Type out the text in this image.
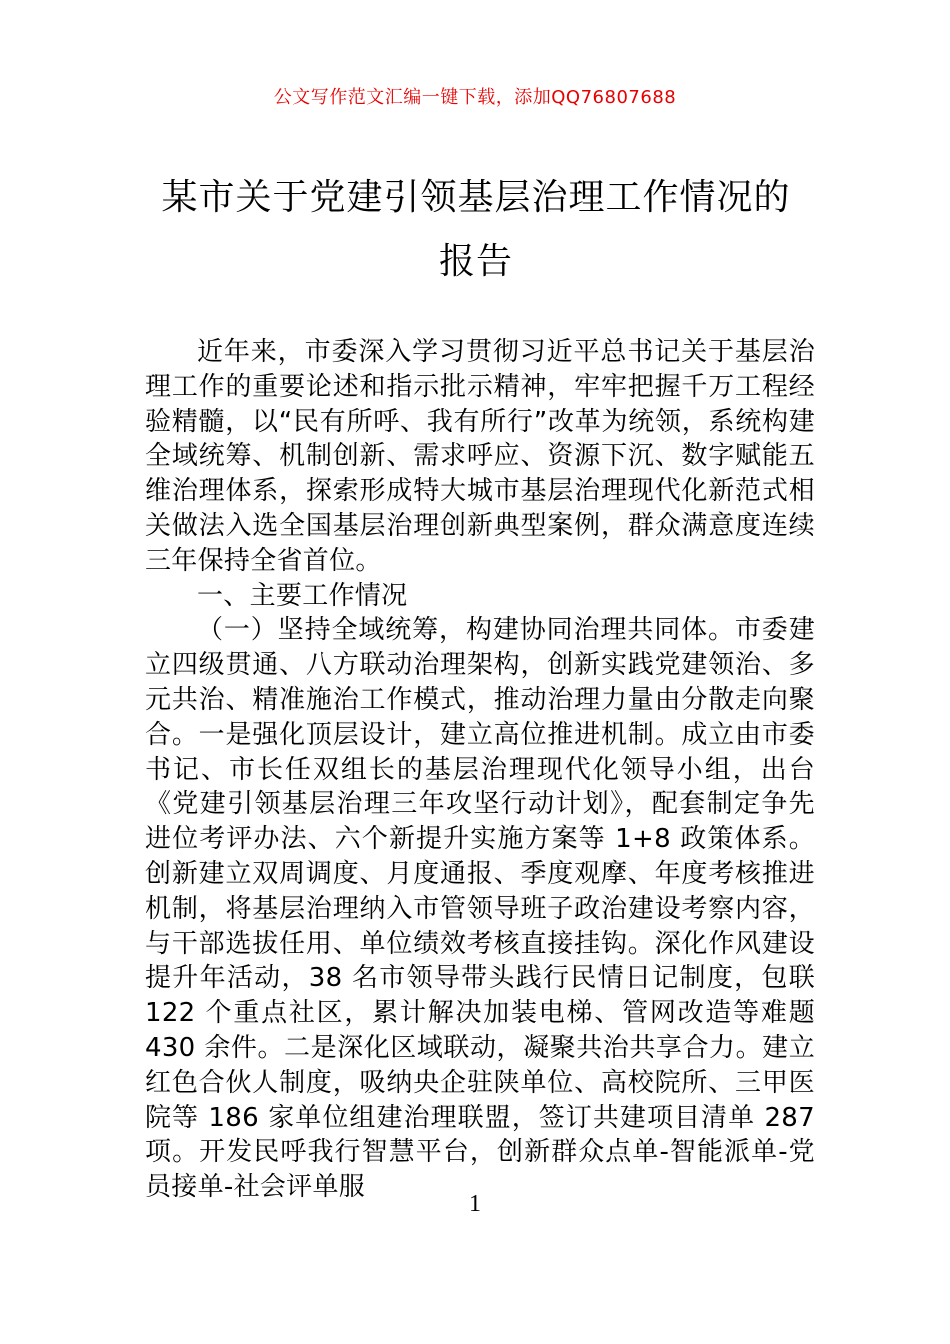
公文写作范文汇编一键下载，添加QQ76807688
某市关于党建引领基层治理工作情况的报告

近年来，市委深入学习贯彻习近平总书记关于基层治理工作的重要论述和指示批示精神，牢牢把握千万工程经验精髓，以“民有所呼、我有所行”改革为统领，系统构建全域统筹、机制创新、需求呼应、资源下沉、数字赋能五维治理体系，探索形成特大城市基层治理现代化新范式相关做法入选全国基层治理创新典型案例，群众满意度连续三年保持全省首位。

一、主要工作情况

（一）坚持全域统筹，构建协同治理共同体。市委建立四级贯通、八方联动治理架构，创新实践党建领治、多元共治、精准施治工作模式，推动治理力量由分散走向聚合。一是强化顶层设计，建立高位推进机制。成立由市委书记、市长任双组长的基层治理现代化领导小组，出台《党建引领基层治理三年攻坚行动计划》，配套制定争先进位考评办法、六个新提升实施方案等 1+8 政策体系。创新建立双周调度、月度通报、季度观摩、年度考核推进机制，将基层治理纳入市管领导班子政治建设考察内容，与干部选拔任用、单位绩效考核直接挂钩。深化作风建设提升年活动，38 名市领导带头践行民情日记制度，包联 122 个重点社区，累计解决加装电梯、管网改造等难题 430 余件。二是深化区域联动，凝聚共治共享合力。建立红色合伙人制度，吸纳央企驻陕单位、高校院所、三甲医院等 186 家单位组建治理联盟，签订共建项目清单 287 项。开发民呼我行智慧平台，创新群众点单-智能派单-党员接单-社会评单服

1
